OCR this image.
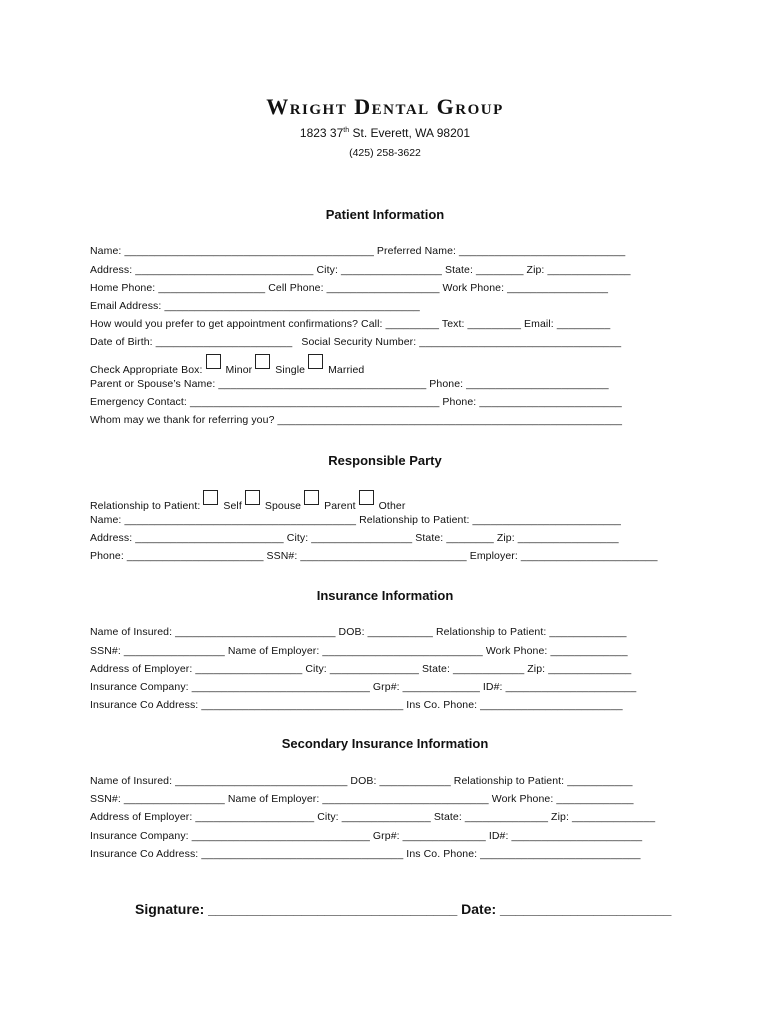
Wright Dental Group
1823 37th St. Everett, WA 98201
(425) 258-3622
Patient Information
Name: __________________________________________ Preferred Name: ____________________________
Address: ______________________________ City: _________________ State: ________ Zip: ______________
Home Phone: __________________ Cell Phone: ___________________ Work Phone: _________________
Email Address: ___________________________________________
How would you prefer to get appointment confirmations? Call: _________ Text: _________ Email: _________
Date of Birth: _______________________   Social Security Number: __________________________________
Check Appropriate Box: Minor Single Married
Parent or Spouse’s Name: ___________________________________ Phone: ________________________
Emergency Contact: __________________________________________ Phone: ________________________
Whom may we thank for referring you? __________________________________________________________
Responsible Party
Relationship to Patient: Self Spouse Parent Other
Name: _______________________________________ Relationship to Patient: _________________________
Address: _________________________ City: _________________ State: ________ Zip: _________________
Phone: _______________________ SSN#: ____________________________ Employer: _______________________
Insurance Information
Name of Insured: ___________________________ DOB: ___________ Relationship to Patient: _____________
SSN#: _________________ Name of Employer: ___________________________ Work Phone: _____________
Address of Employer: __________________ City: _______________ State: ____________ Zip: ______________
Insurance Company: ______________________________ Grp#: _____________ ID#: ______________________
Insurance Co Address: __________________________________ Ins Co. Phone: ________________________
Secondary Insurance Information
Name of Insured: _____________________________ DOB: ____________ Relationship to Patient: ___________
SSN#: _________________ Name of Employer: ____________________________ Work Phone: _____________
Address of Employer: ____________________ City: _______________ State: ______________ Zip: ______________
Insurance Company: ______________________________ Grp#: ______________ ID#: ______________________
Insurance Co Address: __________________________________ Ins Co. Phone: ___________________________
Signature: ________________________________ Date: ______________________
